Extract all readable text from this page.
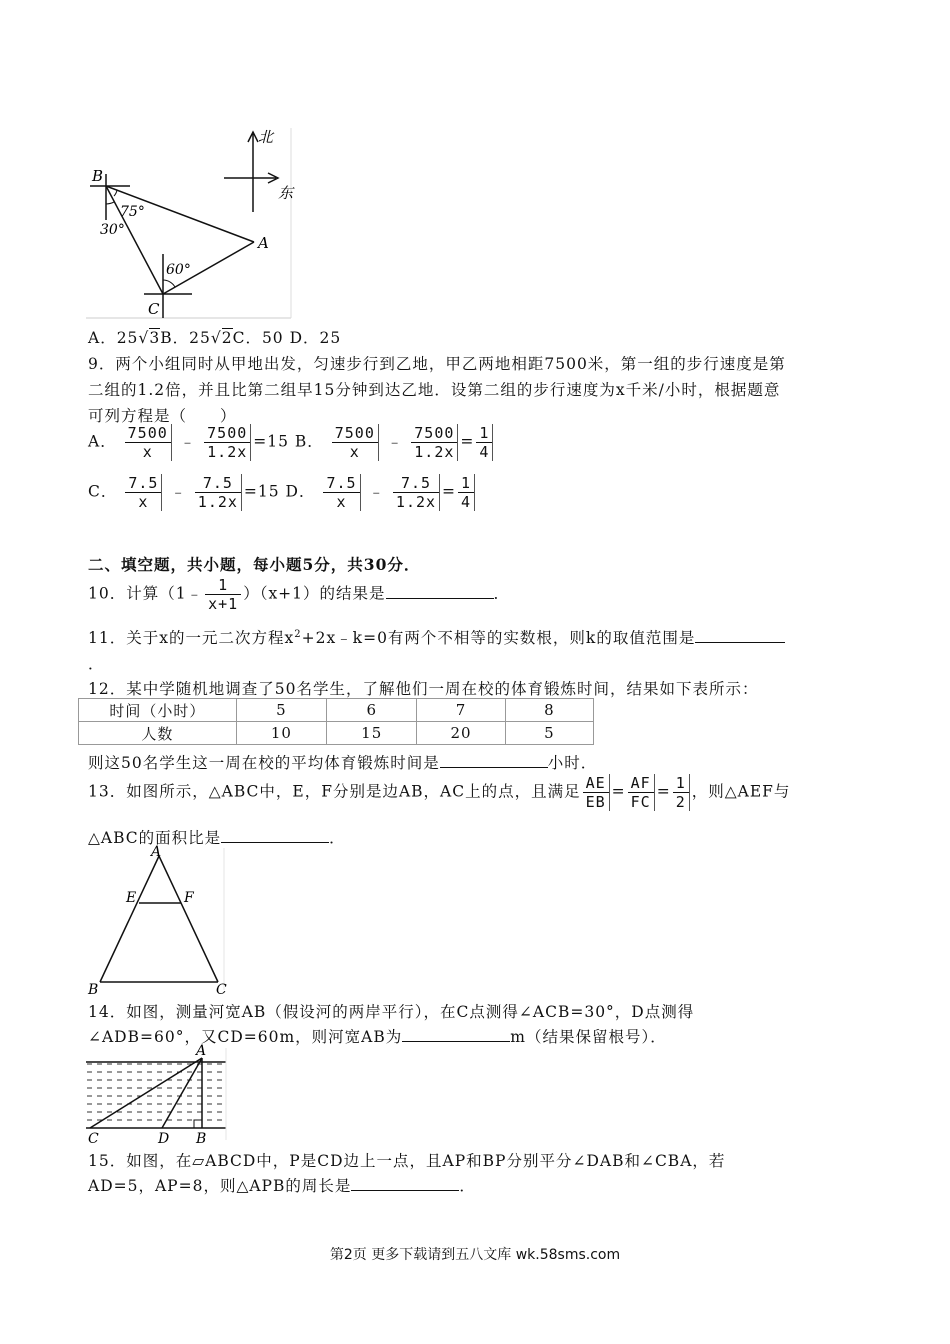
北
东
B
A
C
75°
30°
60°
A．25√3B．25√2C．50 D．25
9．两个小组同时从甲地出发，匀速步行到乙地，甲乙两地相距7500米，第一组的步行速度是第
二组的1.2倍，并且比第二组早15分钟到达乙地．设第二组的步行速度为x千米/小时，根据题意
可列方程是（　　）
A． $\frac{7500}{x}$ ﹣ $\frac{7500}{1.2x} =15$ B． $\frac{7500}{x}$ ﹣ $\frac{7500}{1.2x} = \frac{1}{4}$
C． $\frac{7.5}{x}$ ﹣ $\frac{7.5}{1.2x} =15$ D． $\frac{7.5}{x}$ ﹣ $\frac{7.5}{1.2x} = \frac{1}{4}$
二、填空题，共小题，每小题5分，共30分．
10．计算（1﹣ $\frac{1}{x+1} )(x+1)$的结果是	．
11．关于x的一元二次方程$x^2+2x﹣k=0$有两个不相等的实数根，则k的取值范围是
．
12．某中学随机地调查了50名学生，了解他们一周在校的体育锻炼时间，结果如下表所示：
时间（小时）	5	6	7	8
人数	10	15	20	5
则这50名学生这一周在校的平均体育锻炼时间是	小时．
13．如图所示，△ABC中，E，F分别是边AB，AC上的点，且满足 $\frac{AE}{EB} = \frac{AF}{FC} = \frac{1}{2}$ ，则△AEF与
△ABC的面积比是	．
A
E	F
B	C
14．如图，测量河宽AB（假设河的两岸平行），在C点测得∠ACB=30°，D点测得
∠ADB=60°，又CD=60m，则河宽AB为	m（结果保留根号）．
A
C	D B
15．如图，在▱ABCD中，P是CD边上一点，且AP和BP分别平分∠DAB和∠CBA，若
AD=5，AP=8，则△APB的周长是	．
第2页 更多下载请到五八文库 wk.58sms.com
